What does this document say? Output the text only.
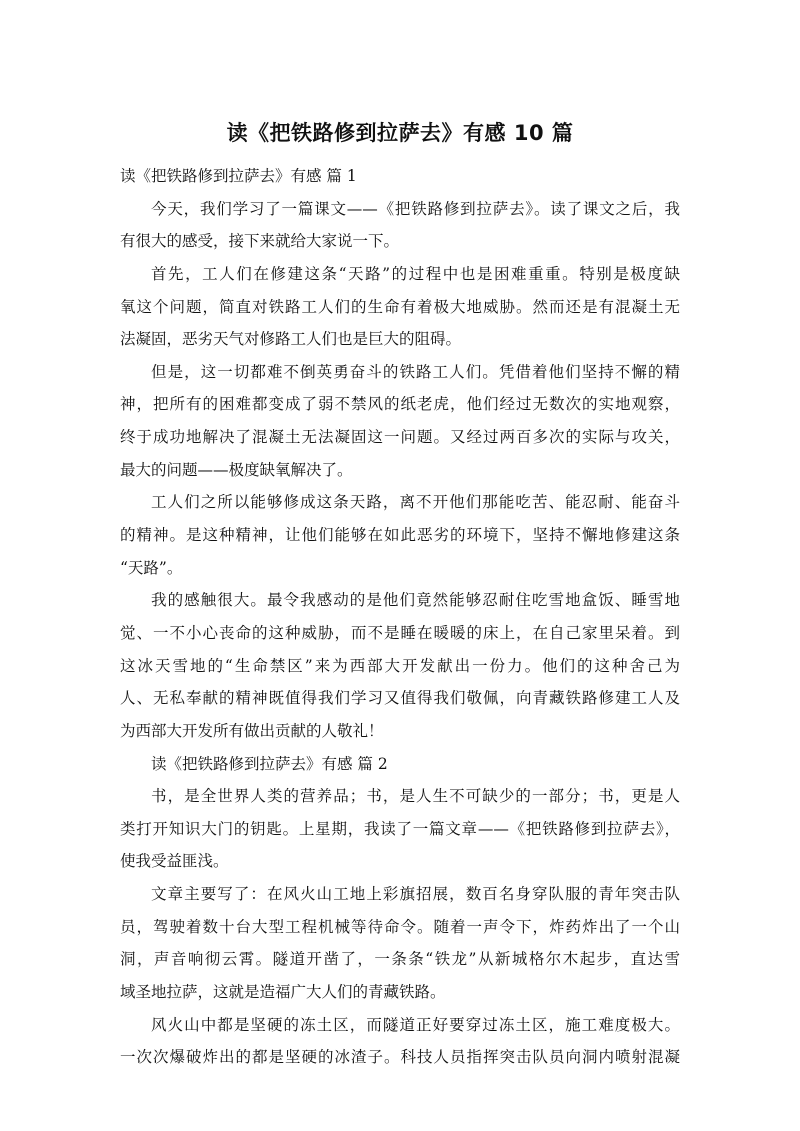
读《把铁路修到拉萨去》有感 10 篇
读《把铁路修到拉萨去》有感 篇 1
今天，我们学习了一篇课文——《把铁路修到拉萨去》。读了课文之后，我
有很大的感受，接下来就给大家说一下。
首先，工人们在修建这条“天路”的过程中也是困难重重。特别是极度缺
氧这个问题，简直对铁路工人们的生命有着极大地威胁。然而还是有混凝土无
法凝固，恶劣天气对修路工人们也是巨大的阻碍。
但是，这一切都难不倒英勇奋斗的铁路工人们。凭借着他们坚持不懈的精
神，把所有的困难都变成了弱不禁风的纸老虎，他们经过无数次的实地观察，
终于成功地解决了混凝土无法凝固这一问题。又经过两百多次的实际与攻关，
最大的问题——极度缺氧解决了。
工人们之所以能够修成这条天路，离不开他们那能吃苦、能忍耐、能奋斗
的精神。是这种精神，让他们能够在如此恶劣的环境下，坚持不懈地修建这条
“天路”。
我的感触很大。最令我感动的是他们竟然能够忍耐住吃雪地盒饭、睡雪地
觉、一不小心丧命的这种威胁，而不是睡在暖暖的床上，在自己家里呆着。到
这冰天雪地的“生命禁区”来为西部大开发献出一份力。他们的这种舍己为
人、无私奉献的精神既值得我们学习又值得我们敬佩，向青藏铁路修建工人及
为西部大开发所有做出贡献的人敬礼！
读《把铁路修到拉萨去》有感 篇 2
书，是全世界人类的营养品；书，是人生不可缺少的一部分；书，更是人
类打开知识大门的钥匙。上星期，我读了一篇文章——《把铁路修到拉萨去》，
使我受益匪浅。
文章主要写了：在风火山工地上彩旗招展，数百名身穿队服的青年突击队
员，驾驶着数十台大型工程机械等待命令。随着一声令下，炸药炸出了一个山
洞，声音响彻云霄。隧道开凿了，一条条“铁龙”从新城格尔木起步，直达雪
域圣地拉萨，这就是造福广大人们的青藏铁路。
风火山中都是坚硬的冻土区，而隧道正好要穿过冻土区，施工难度极大。
一次次爆破炸出的都是坚硬的冰渣子。科技人员指挥突击队员向洞内喷射混凝
